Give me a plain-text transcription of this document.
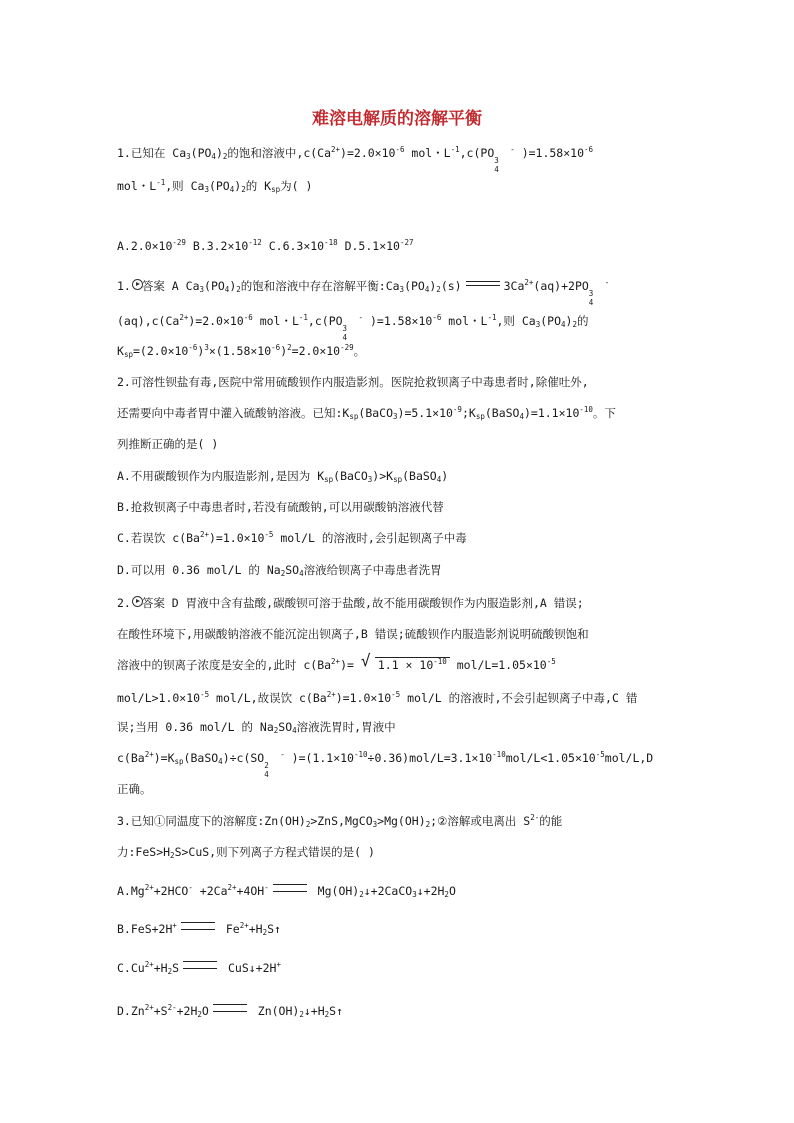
难溶电解质的溶解平衡
1.已知在 $Ca_3(PO_4)_2$的饱和溶液中$,c(Ca^{2+})=2.0\times 10^{-6}$ mol・$L^{-1},c(PO$
3
4
- )$=1.58\times 10^{-6}$
mol・$L^{-1}$,则 $Ca_3(PO_4)_2$的 $K_{sp}$为( )
$A.2.0\times 10^{-29}$ $B.3.2\times 10^{-12}$ $C.6.3\times 10^{-18}$ $D.5.1\times 10^{-27}$
1. 答案 A $Ca_3(PO_4)_2$的饱和溶液中存在溶解平衡$:Ca_3(PO_4)_2(s)$	$3Ca^{2+}(aq)+2PO$
3
4
-
$(aq),c(Ca^{2+})=2.0\times 10^{-6}$ mol・$L^{-1},c(PO$
3
4
- )$=1.58\times 10^{-6}$ mol・$L^{-1}$,则 $Ca_3(PO_4)_2$的
$K_{sp}=(2.0\times 10^{-6})^3\times(1.58\times 10^{-6})^2=2.0\times 10^{-29}$。
2.可溶性钡盐有毒,医院中常用硫酸钡作内服造影剂。医院抢救钡离子中毒患者时,除催吐外,
还需要向中毒者胃中灌入硫酸钠溶液。已知$:K_{sp}(BaCO_3)=5.1\times 10^{-9};K_{sp}(BaSO_4)=1.1\times 10^{-10}$。下
列推断正确的是( )
A.不用碳酸钡作为内服造影剂,是因为 $K_{sp}(BaCO_3)>K_{sp}(BaSO_4)$
B.抢救钡离子中毒患者时,若没有硫酸钠,可以用碳酸钠溶液代替
C.若误饮 $c(Ba^{2+})=1.0\times 10^{-5}$ mol/L 的溶液时,会引起钡离子中毒
D.可以用 0.36 mol/L 的 $Na_2SO_4$溶液给钡离子中毒患者洗胃
2. 答案 D 胃液中含有盐酸,碳酸钡可溶于盐酸,故不能用碳酸钡作为内服造影剂,A 错误;
在酸性环境下,用碳酸钠溶液不能沉淀出钡离子,B 错误;硫酸钡作内服造影剂说明硫酸钡饱和
溶液中的钡离子浓度是安全的,此时 $c(Ba^{2+})=$ √ $1.1 \times 10^{-10}$ mol/$L=1.05\times 10^{-5}$
mol/$L>1.0\times 10^{-5}$ mol/L,故误饮 $c(Ba^{2+})=1.0\times 10^{-5}$ mol/L 的溶液时,不会引起钡离子中毒,C 错
误;当用 0.36 mol/L 的 $Na_2SO_4$溶液洗胃时,胃液中
$c(Ba^{2+})=K_{sp}(BaSO_4)\div c(SO$
2
4
- )$=(1.1\times 10^{-10}\div 0.36)mol/L=3.1\times 10^{-10}mol/L<1.05\times 10^{-5}mol/L,D$
正确。
3.已知①同温度下的溶解度$:Zn(OH)_2>ZnS,MgCO_3>Mg(OH)_2;②$溶解或电离出 $S^{2-}$的能
力$:FeS>H_2S>CuS$,则下列离子方程式错误的是( )
$A.Mg^{2+}+2HCO^- +2Ca^{2+}+4OH^-$	$Mg(OH)_2↓+2CaCO_3↓+2H_2O$
B.FeS+2H+	$Fe^{2+}+H_2S↑$
$C.Cu^{2+}+H_2S$	CuS↓+2H+
$D.Zn^{2+}+S^{2-}+2H_2O$	$Zn(OH)_2↓+H_2S↑$
